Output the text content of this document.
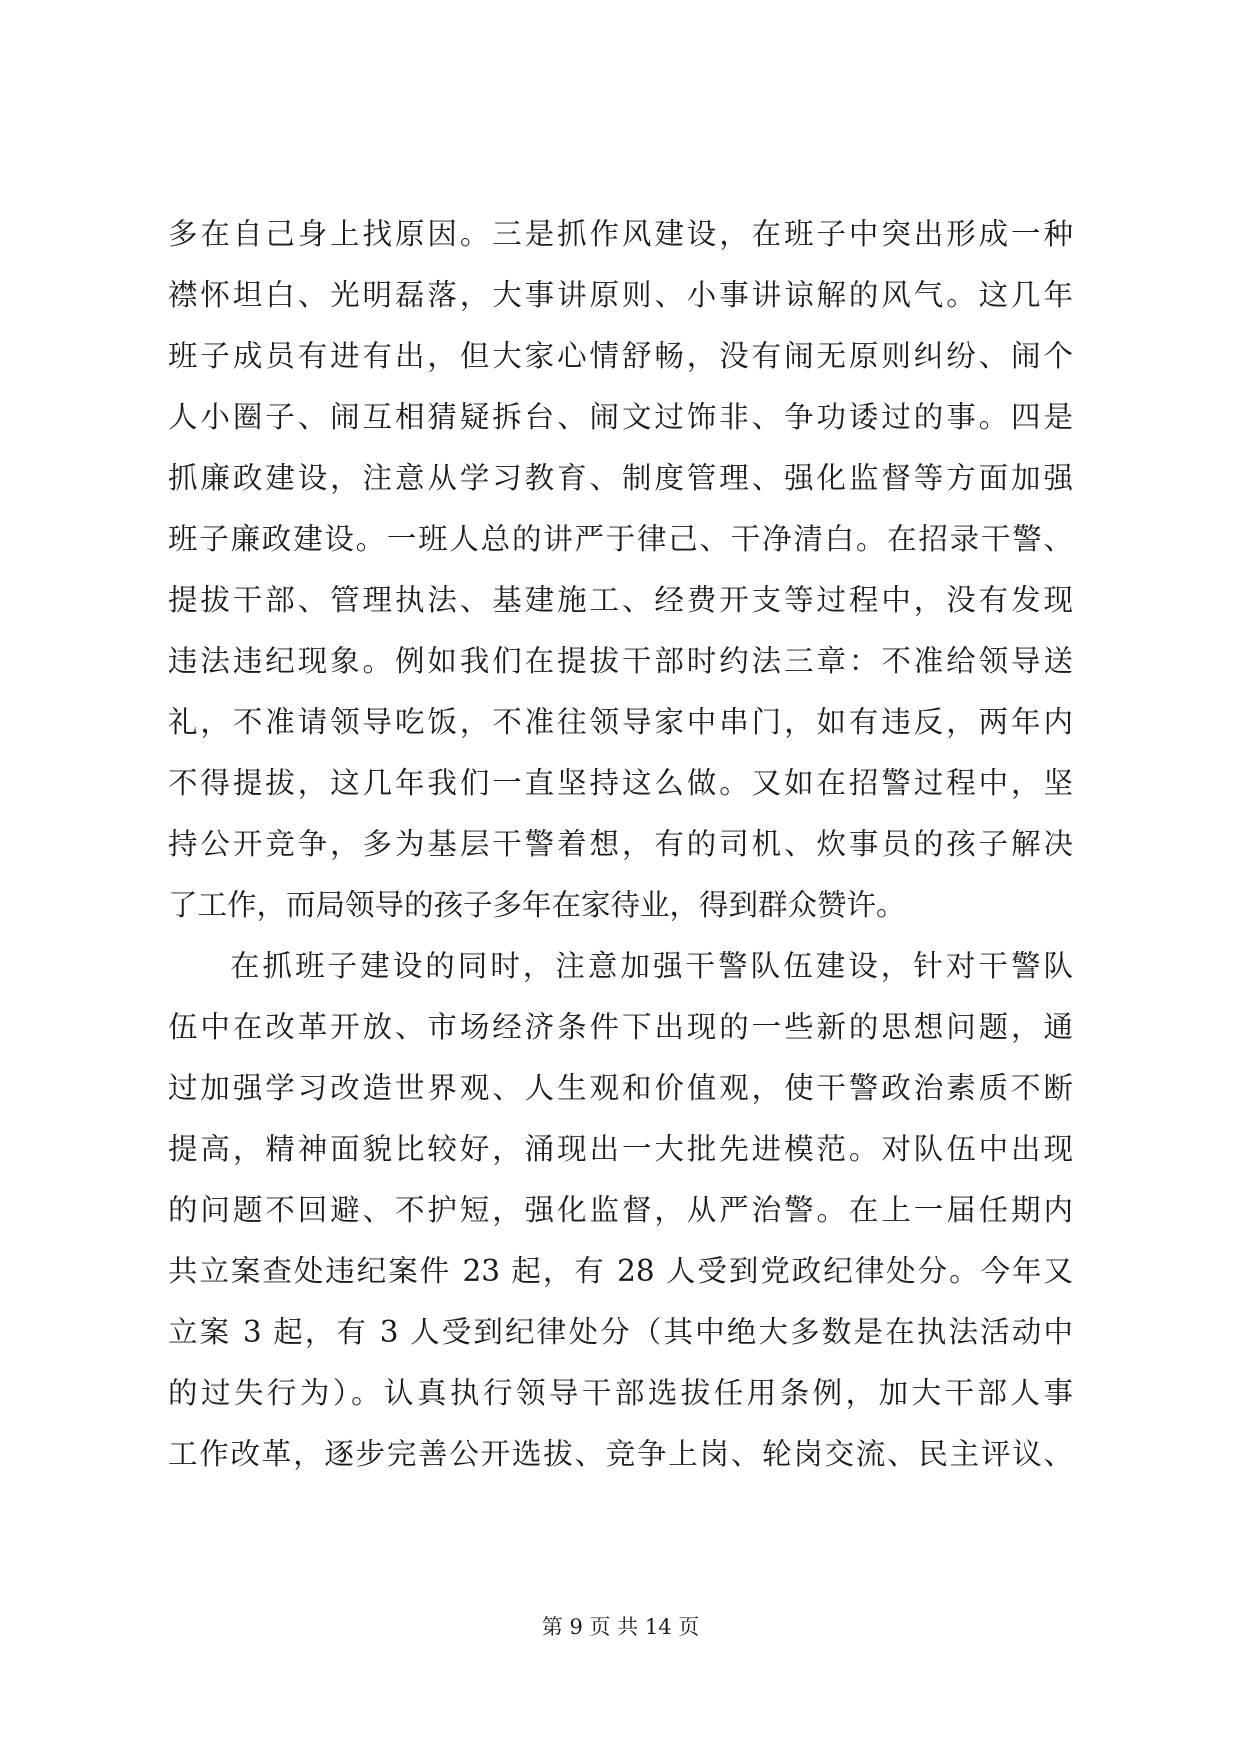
多在自己身上找原因。三是抓作风建设，在班子中突出形成一种
襟怀坦白、光明磊落，大事讲原则、小事讲谅解的风气。这几年
班子成员有进有出，但大家心情舒畅，没有闹无原则纠纷、闹个
人小圈子、闹互相猜疑拆台、闹文过饰非、争功诿过的事。四是
抓廉政建设，注意从学习教育、制度管理、强化监督等方面加强
班子廉政建设。一班人总的讲严于律己、干净清白。在招录干警、
提拔干部、管理执法、基建施工、经费开支等过程中，没有发现
违法违纪现象。例如我们在提拔干部时约法三章：不准给领导送
礼，不准请领导吃饭，不准往领导家中串门，如有违反，两年内
不得提拔，这几年我们一直坚持这么做。又如在招警过程中，坚
持公开竞争，多为基层干警着想，有的司机、炊事员的孩子解决
了工作，而局领导的孩子多年在家待业，得到群众赞许。
在抓班子建设的同时，注意加强干警队伍建设，针对干警队
伍中在改革开放、市场经济条件下出现的一些新的思想问题，通
过加强学习改造世界观、人生观和价值观，使干警政治素质不断
提高，精神面貌比较好，涌现出一大批先进模范。对队伍中出现
的问题不回避、不护短，强化监督，从严治警。在上一届任期内
共立案查处违纪案件 23 起，有 28 人受到党政纪律处分。今年又
立案 3 起，有 3 人受到纪律处分（其中绝大多数是在执法活动中
的过失行为）。认真执行领导干部选拔任用条例，加大干部人事
工作改革，逐步完善公开选拔、竞争上岗、轮岗交流、民主评议、
第 9 页 共 14 页
